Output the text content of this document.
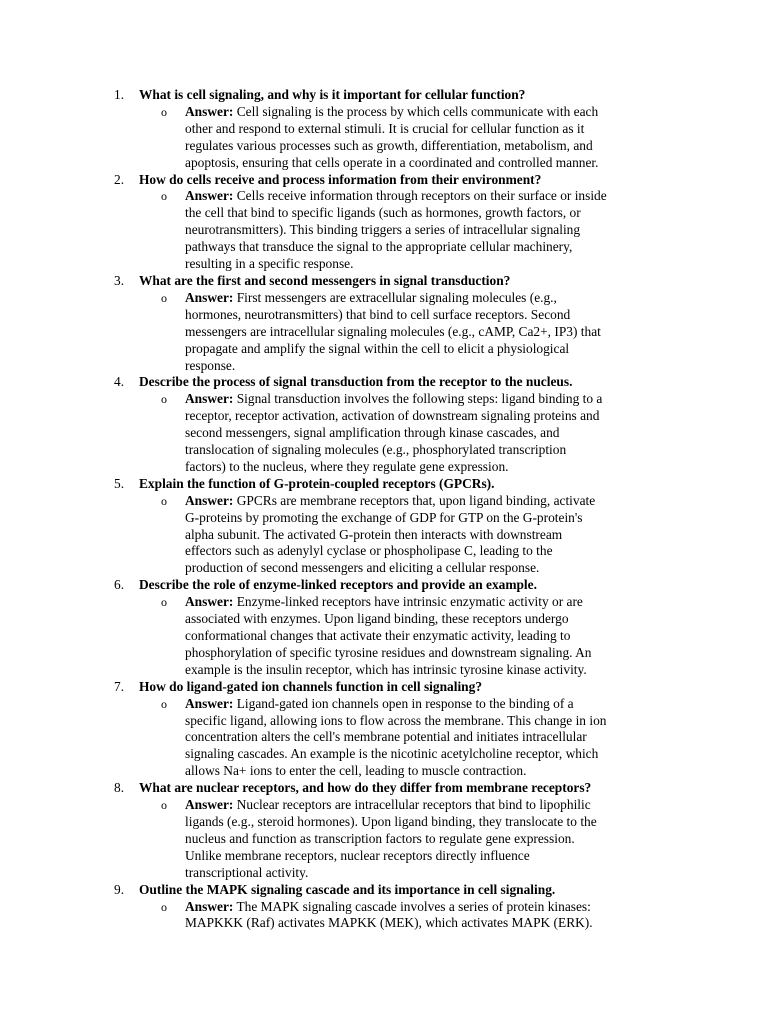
1. What is cell signaling, and why is it important for cellular function?
o Answer: Cell signaling is the process by which cells communicate with each
other and respond to external stimuli. It is crucial for cellular function as it
regulates various processes such as growth, differentiation, metabolism, and
apoptosis, ensuring that cells operate in a coordinated and controlled manner.
2. How do cells receive and process information from their environment?
o Answer: Cells receive information through receptors on their surface or inside
the cell that bind to specific ligands (such as hormones, growth factors, or
neurotransmitters). This binding triggers a series of intracellular signaling
pathways that transduce the signal to the appropriate cellular machinery,
resulting in a specific response.
3. What are the first and second messengers in signal transduction?
o Answer: First messengers are extracellular signaling molecules (e.g.,
hormones, neurotransmitters) that bind to cell surface receptors. Second
messengers are intracellular signaling molecules (e.g., cAMP, Ca2+, IP3) that
propagate and amplify the signal within the cell to elicit a physiological
response.
4. Describe the process of signal transduction from the receptor to the nucleus.
o Answer: Signal transduction involves the following steps: ligand binding to a
receptor, receptor activation, activation of downstream signaling proteins and
second messengers, signal amplification through kinase cascades, and
translocation of signaling molecules (e.g., phosphorylated transcription
factors) to the nucleus, where they regulate gene expression.
5. Explain the function of G-protein-coupled receptors (GPCRs).
o Answer: GPCRs are membrane receptors that, upon ligand binding, activate
G-proteins by promoting the exchange of GDP for GTP on the G-protein's
alpha subunit. The activated G-protein then interacts with downstream
effectors such as adenylyl cyclase or phospholipase C, leading to the
production of second messengers and eliciting a cellular response.
6. Describe the role of enzyme-linked receptors and provide an example.
o Answer: Enzyme-linked receptors have intrinsic enzymatic activity or are
associated with enzymes. Upon ligand binding, these receptors undergo
conformational changes that activate their enzymatic activity, leading to
phosphorylation of specific tyrosine residues and downstream signaling. An
example is the insulin receptor, which has intrinsic tyrosine kinase activity.
7. How do ligand-gated ion channels function in cell signaling?
o Answer: Ligand-gated ion channels open in response to the binding of a
specific ligand, allowing ions to flow across the membrane. This change in ion
concentration alters the cell's membrane potential and initiates intracellular
signaling cascades. An example is the nicotinic acetylcholine receptor, which
allows Na+ ions to enter the cell, leading to muscle contraction.
8. What are nuclear receptors, and how do they differ from membrane receptors?
o Answer: Nuclear receptors are intracellular receptors that bind to lipophilic
ligands (e.g., steroid hormones). Upon ligand binding, they translocate to the
nucleus and function as transcription factors to regulate gene expression.
Unlike membrane receptors, nuclear receptors directly influence
transcriptional activity.
9. Outline the MAPK signaling cascade and its importance in cell signaling.
o Answer: The MAPK signaling cascade involves a series of protein kinases:
MAPKKK (Raf) activates MAPKK (MEK), which activates MAPK (ERK).
